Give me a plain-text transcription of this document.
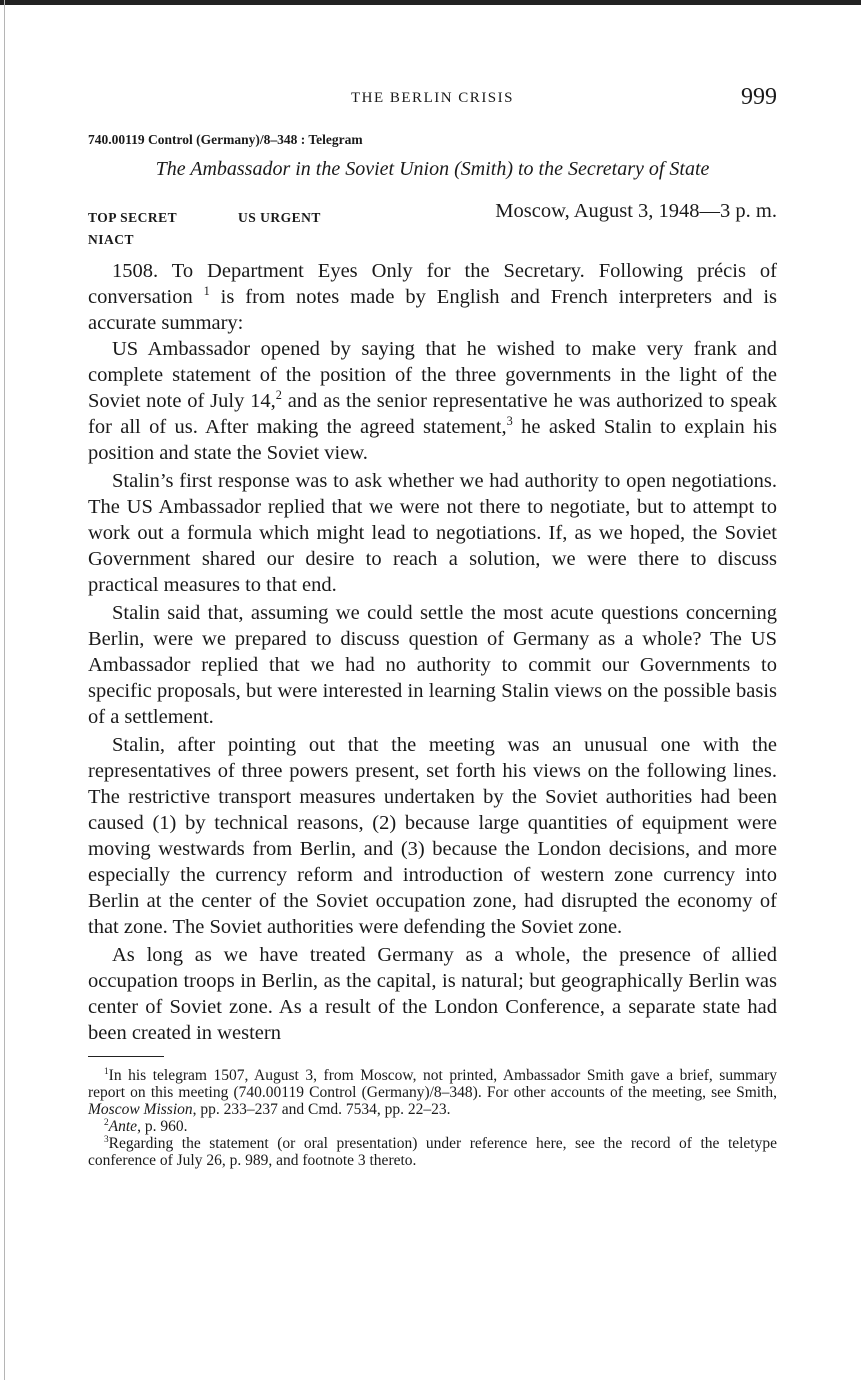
THE BERLIN CRISIS	999
740.00119 Control (Germany)/8–348 : Telegram
The Ambassador in the Soviet Union (Smith) to the Secretary of State
TOP SECRET	US URGENT	Moscow, August 3, 1948—3 p. m.
NIACT

1508. To Department Eyes Only for the Secretary. Following précis of conversation $^1$ is from notes made by English and French interpreters and is accurate summary:

US Ambassador opened by saying that he wished to make very frank and complete statement of the position of the three governments in the light of the Soviet note of July 14,$^2$ and as the senior representative he was authorized to speak for all of us. After making the agreed statement,$^3$ he asked Stalin to explain his position and state the Soviet view.

Stalin’s first response was to ask whether we had authority to open negotiations. The US Ambassador replied that we were not there to negotiate, but to attempt to work out a formula which might lead to negotiations. If, as we hoped, the Soviet Government shared our desire to reach a solution, we were there to discuss practical measures to that end.

Stalin said that, assuming we could settle the most acute questions concerning Berlin, were we prepared to discuss question of Germany as a whole? The US Ambassador replied that we had no authority to commit our Governments to specific proposals, but were interested in learning Stalin views on the possible basis of a settlement.

Stalin, after pointing out that the meeting was an unusual one with the representatives of three powers present, set forth his views on the following lines. The restrictive transport measures undertaken by the Soviet authorities had been caused (1) by technical reasons, (2) because large quantities of equipment were moving westwards from Berlin, and (3) because the London decisions, and more especially the currency reform and introduction of western zone currency into Berlin at the center of the Soviet occupation zone, had disrupted the economy of that zone. The Soviet authorities were defending the Soviet zone.

As long as we have treated Germany as a whole, the presence of allied occupation troops in Berlin, as the capital, is natural; but geographically Berlin was center of Soviet zone. As a result of the London Conference, a separate state had been created in western

$^1$In his telegram 1507, August 3, from Moscow, not printed, Ambassador Smith gave a brief, summary report on this meeting (740.00119 Control (Germany)/8–348). For other accounts of the meeting, see Smith, Moscow Mission, pp. 233–237 and Cmd. 7534, pp. 22–23.

$^2$Ante, p. 960.

$^3$Regarding the statement (or oral presentation) under reference here, see the record of the teletype conference of July 26, p. 989, and footnote 3 thereto.
